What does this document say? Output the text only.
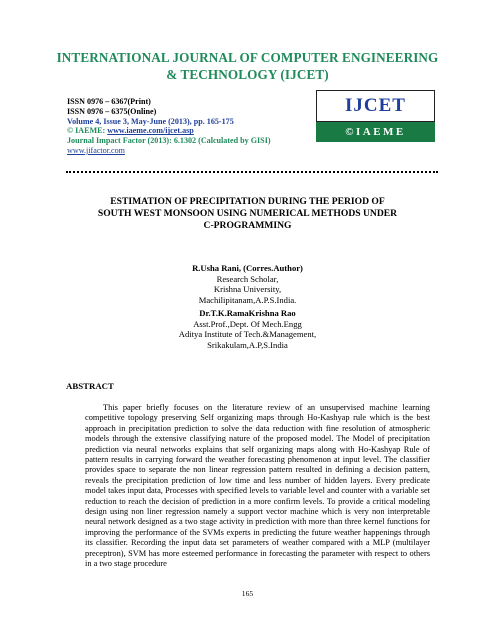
INTERNATIONAL JOURNAL OF COMPUTER ENGINEERING
& TECHNOLOGY (IJCET)
ISSN 0976 – 6367(Print)
ISSN 0976 – 6375(Online)
Volume 4, Issue 3, May-June (2013), pp. 165-175
© IAEME: www.iaeme.com/ijcet.asp
Journal Impact Factor (2013): 6.1302 (Calculated by GISI)
www.jifactor.com
IJCET
©IAEME
ESTIMATION OF PRECIPITATION DURING THE PERIOD OF
SOUTH WEST MONSOON USING NUMERICAL METHODS UNDER
C-PROGRAMMING
R.Usha Rani, (Corres.Author)
Research Scholar,
Krishna University,
Machilipitanam,A.P.S.India.
Dr.T.K.RamaKrishna Rao
Asst.Prof.,Dept. Of Mech.Engg
Aditya Institute of Tech.&Management,
Srikakulam,A.P,S.India
ABSTRACT

This paper briefly focuses on the literature review of an unsupervised machine learning competitive topology preserving Self organizing maps through Ho-Kashyap rule which is the best approach in precipitation prediction to solve the data reduction with fine resolution of atmospheric models through the extensive classifying nature of the proposed model. The Model of precipitation prediction via neural networks explains that self organizing maps along with Ho-Kashyap Rule of pattern results in carrying forward the weather forecasting phenomenon at input level. The classifier provides space to separate the non linear regression pattern resulted in defining a decision pattern, reveals the precipitation prediction of low time and less number of hidden layers. Every predicate model takes input data, Processes with specified levels to variable level and counter with a variable set reduction to reach the decision of prediction in a more confirm levels. To provide a critical modeling design using non liner regression namely a support vector machine which is very non interpretable neural network designed as a two stage activity in prediction with more than three kernel functions for improving the performance of the SVMs experts in predicting the future weather happenings through its classifier. Recording the input data set parameters of weather compared with a MLP (multilayer preceptron), SVM has more esteemed performance in forecasting the parameter with respect to others in a two stage procedure

165
